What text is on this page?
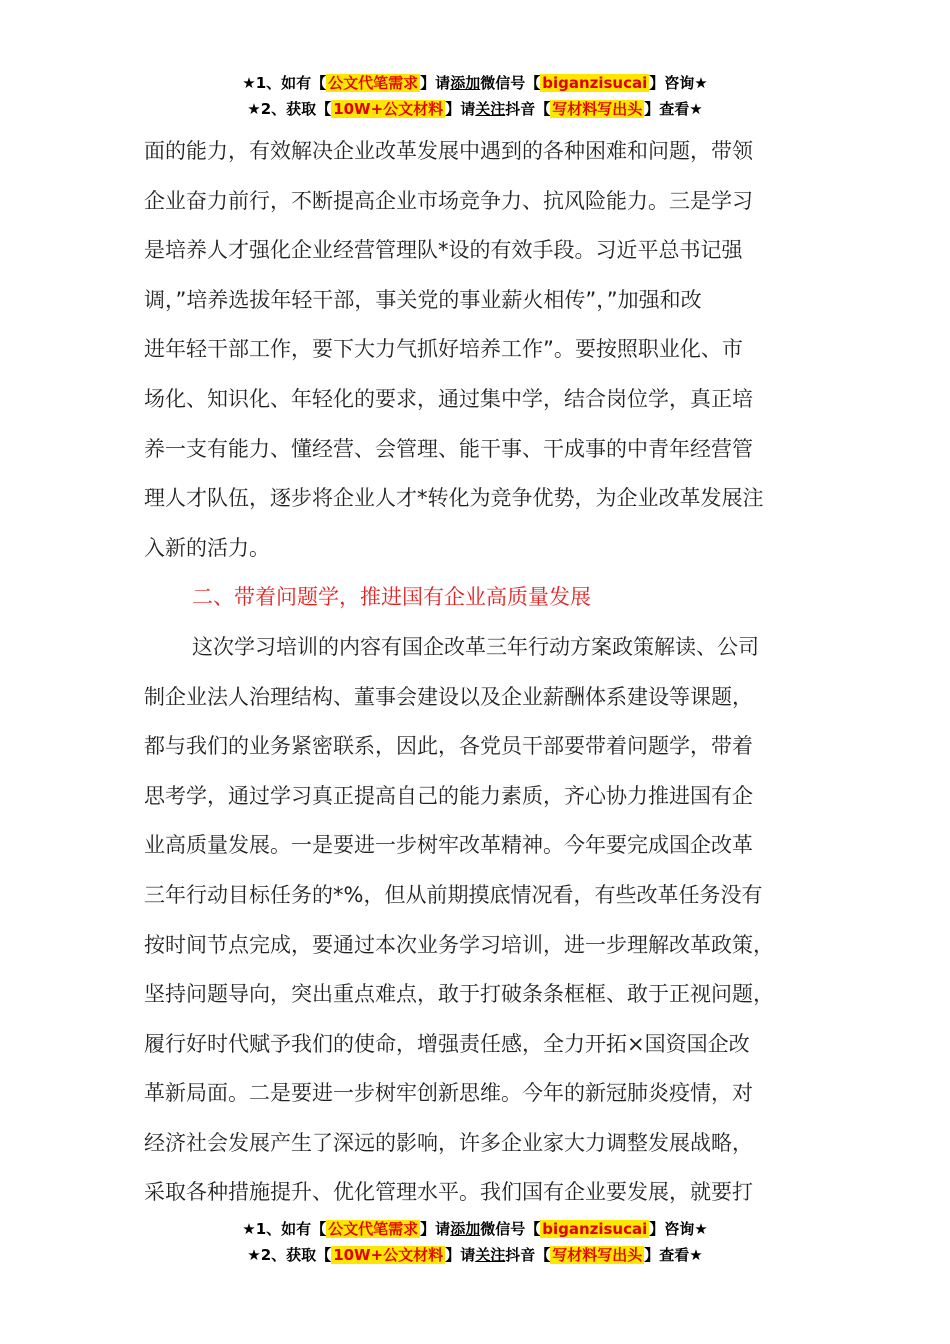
★1、如有【 公文代笔需求 】请添加微信号【 biganzisucai 】咨询★
★2、获取【 10W+公文材料 】请关注抖音【 写材料写出头 】查看★

面的能力，有效解决企业改革发展中遇到的各种困难和问题，带领

企业奋力前行，不断提高企业市场竞争力、抗风险能力。三是学习

是培养人才强化企业经营管理队*设的有效手段。习近平总书记强

调，”培养选拔年轻干部，事关党的事业薪火相传”，”加强和改

进年轻干部工作，要下大力气抓好培养工作”。要按照职业化、市

场化、知识化、年轻化的要求，通过集中学，结合岗位学，真正培

养一支有能力、懂经营、会管理、能干事、干成事的中青年经营管

理人才队伍，逐步将企业人才*转化为竞争优势，为企业改革发展注

入新的活力。

二、带着问题学，推进国有企业高质量发展

这次学习培训的内容有国企改革三年行动方案政策解读、公司

制企业法人治理结构、董事会建设以及企业薪酬体系建设等课题，

都与我们的业务紧密联系，因此，各党员干部要带着问题学，带着

思考学，通过学习真正提高自己的能力素质，齐心协力推进国有企

业高质量发展。一是要进一步树牢改革精神。今年要完成国企改革

三年行动目标任务的*%，但从前期摸底情况看，有些改革任务没有

按时间节点完成，要通过本次业务学习培训，进一步理解改革政策，

坚持问题导向，突出重点难点，敢于打破条条框框、敢于正视问题，

履行好时代赋予我们的使命，增强责任感，全力开拓×国资国企改

革新局面。二是要进一步树牢创新思维。今年的新冠肺炎疫情，对

经济社会发展产生了深远的影响，许多企业家大力调整发展战略，

采取各种措施提升、优化管理水平。我们国有企业要发展，就要打

★1、如有【 公文代笔需求 】请添加微信号【 biganzisucai 】咨询★
★2、获取【 10W+公文材料 】请关注抖音【 写材料写出头 】查看★
